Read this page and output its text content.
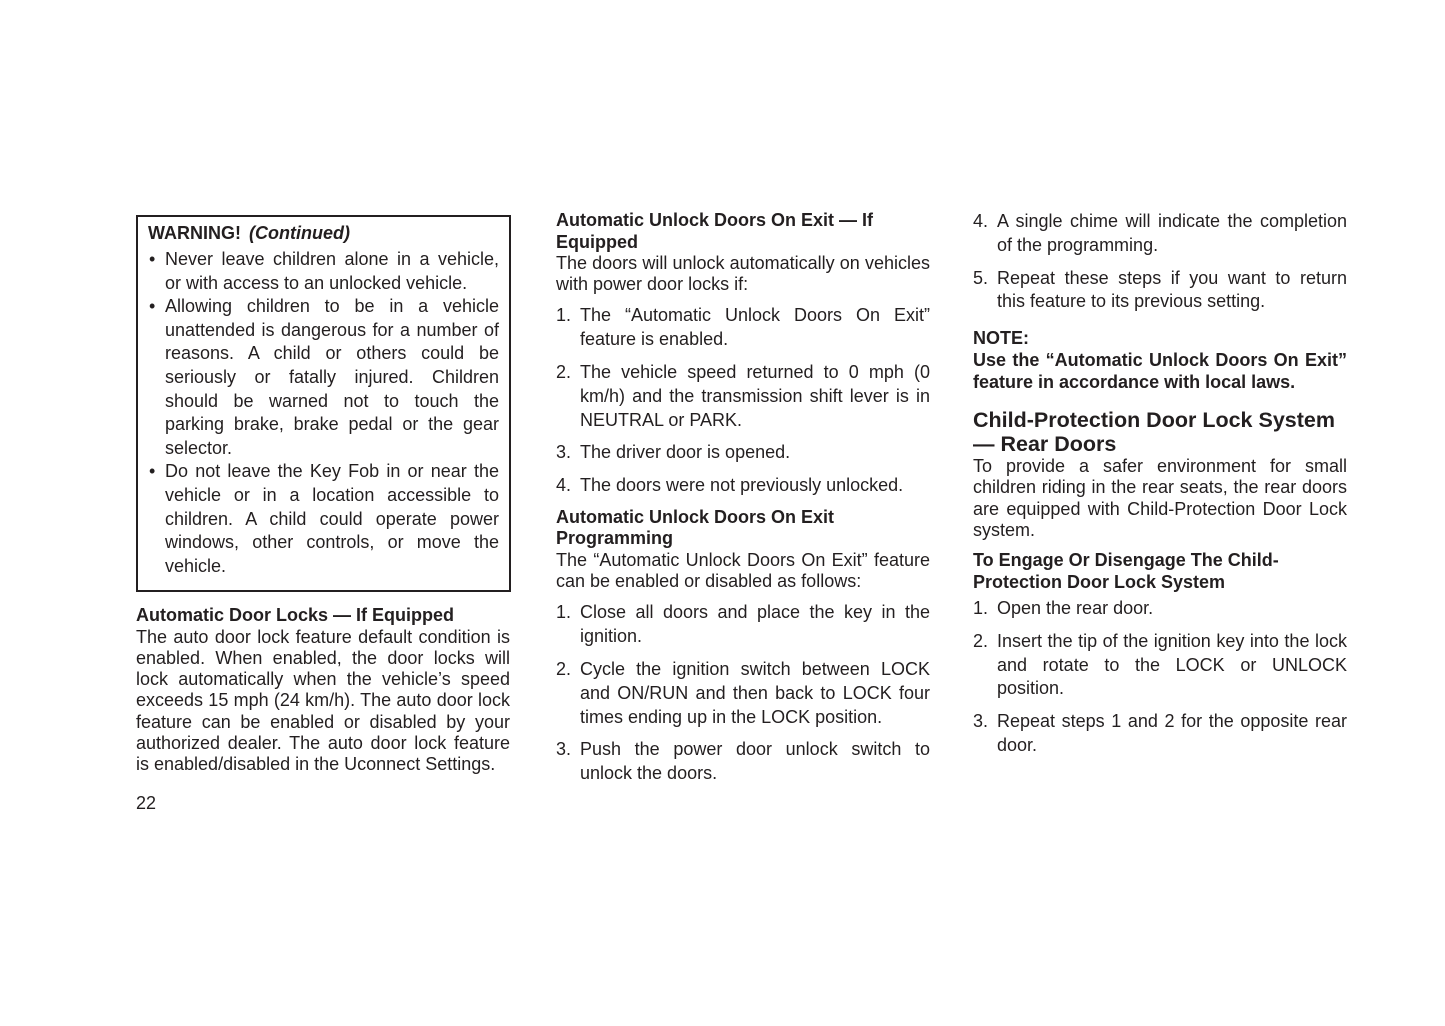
WARNING! (Continued)
• Never leave children alone in a vehicle, or with access to an unlocked vehicle.
• Allowing children to be in a vehicle unattended is dangerous for a number of reasons. A child or others could be seriously or fatally injured. Children should be warned not to touch the parking brake, brake pedal or the gear selector.
• Do not leave the Key Fob in or near the vehicle or in a location accessible to children. A child could operate power windows, other controls, or move the vehicle.
Automatic Door Locks — If Equipped

The auto door lock feature default condition is enabled. When enabled, the door locks will lock automatically when the vehicle’s speed exceeds 15 mph (24 km/h). The auto door lock feature can be enabled or disabled by your authorized dealer. The auto door lock feature is enabled/disabled in the Uconnect Settings.

Automatic Unlock Doors On Exit — If Equipped

The doors will unlock automatically on vehicles with power door locks if:

1. The “Automatic Unlock Doors On Exit” feature is enabled.
2. The vehicle speed returned to 0 mph (0 km/h) and the transmission shift lever is in NEUTRAL or PARK.
3. The driver door is opened.
4. The doors were not previously unlocked.
Automatic Unlock Doors On Exit Programming

The “Automatic Unlock Doors On Exit” feature can be enabled or disabled as follows:

1. Close all doors and place the key in the ignition.
2. Cycle the ignition switch between LOCK and ON/RUN and then back to LOCK four times ending up in the LOCK position.
3. Push the power door unlock switch to unlock the doors.
4. A single chime will indicate the completion of the programming.
5. Repeat these steps if you want to return this feature to its previous setting.
NOTE:
Use the “Automatic Unlock Doors On Exit” feature in accordance with local laws.
Child-Protection Door Lock System — Rear Doors

To provide a safer environment for small children riding in the rear seats, the rear doors are equipped with Child-Protection Door Lock system.

To Engage Or Disengage The Child-Protection Door Lock System
1. Open the rear door.
2. Insert the tip of the ignition key into the lock and rotate to the LOCK or UNLOCK position.
3. Repeat steps 1 and 2 for the opposite rear door.
22
